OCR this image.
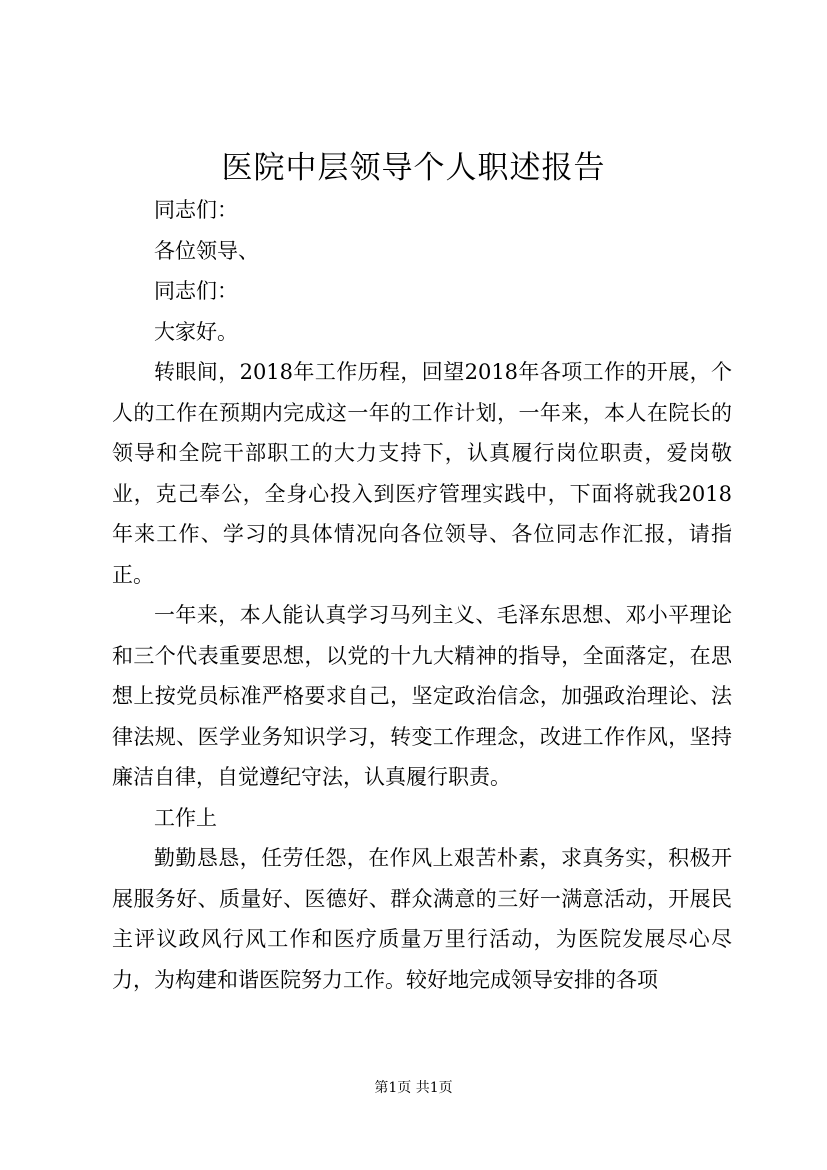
医院中层领导个人职述报告

同志们：

各位领导、

同志们：

大家好。

转眼间，2018年工作历程，回望2018年各项工作的开展，个人的工作在预期内完成这一年的工作计划，一年来，本人在院长的领导和全院干部职工的大力支持下，认真履行岗位职责，爱岗敬业，克己奉公，全身心投入到医疗管理实践中，下面将就我2018年来工作、学习的具体情况向各位领导、各位同志作汇报，请指正。

一年来，本人能认真学习马列主义、毛泽东思想、邓小平理论和三个代表重要思想，以党的十九大精神的指导，全面落定，在思想上按党员标准严格要求自己，坚定政治信念，加强政治理论、法律法规、医学业务知识学习，转变工作理念，改进工作作风，坚持廉洁自律，自觉遵纪守法，认真履行职责。

工作上

勤勤恳恳，任劳任怨，在作风上艰苦朴素，求真务实，积极开展服务好、质量好、医德好、群众满意的三好一满意活动，开展民主评议政风行风工作和医疗质量万里行活动，为医院发展尽心尽力，为构建和谐医院努力工作。较好地完成领导安排的各项

第1页 共1页
